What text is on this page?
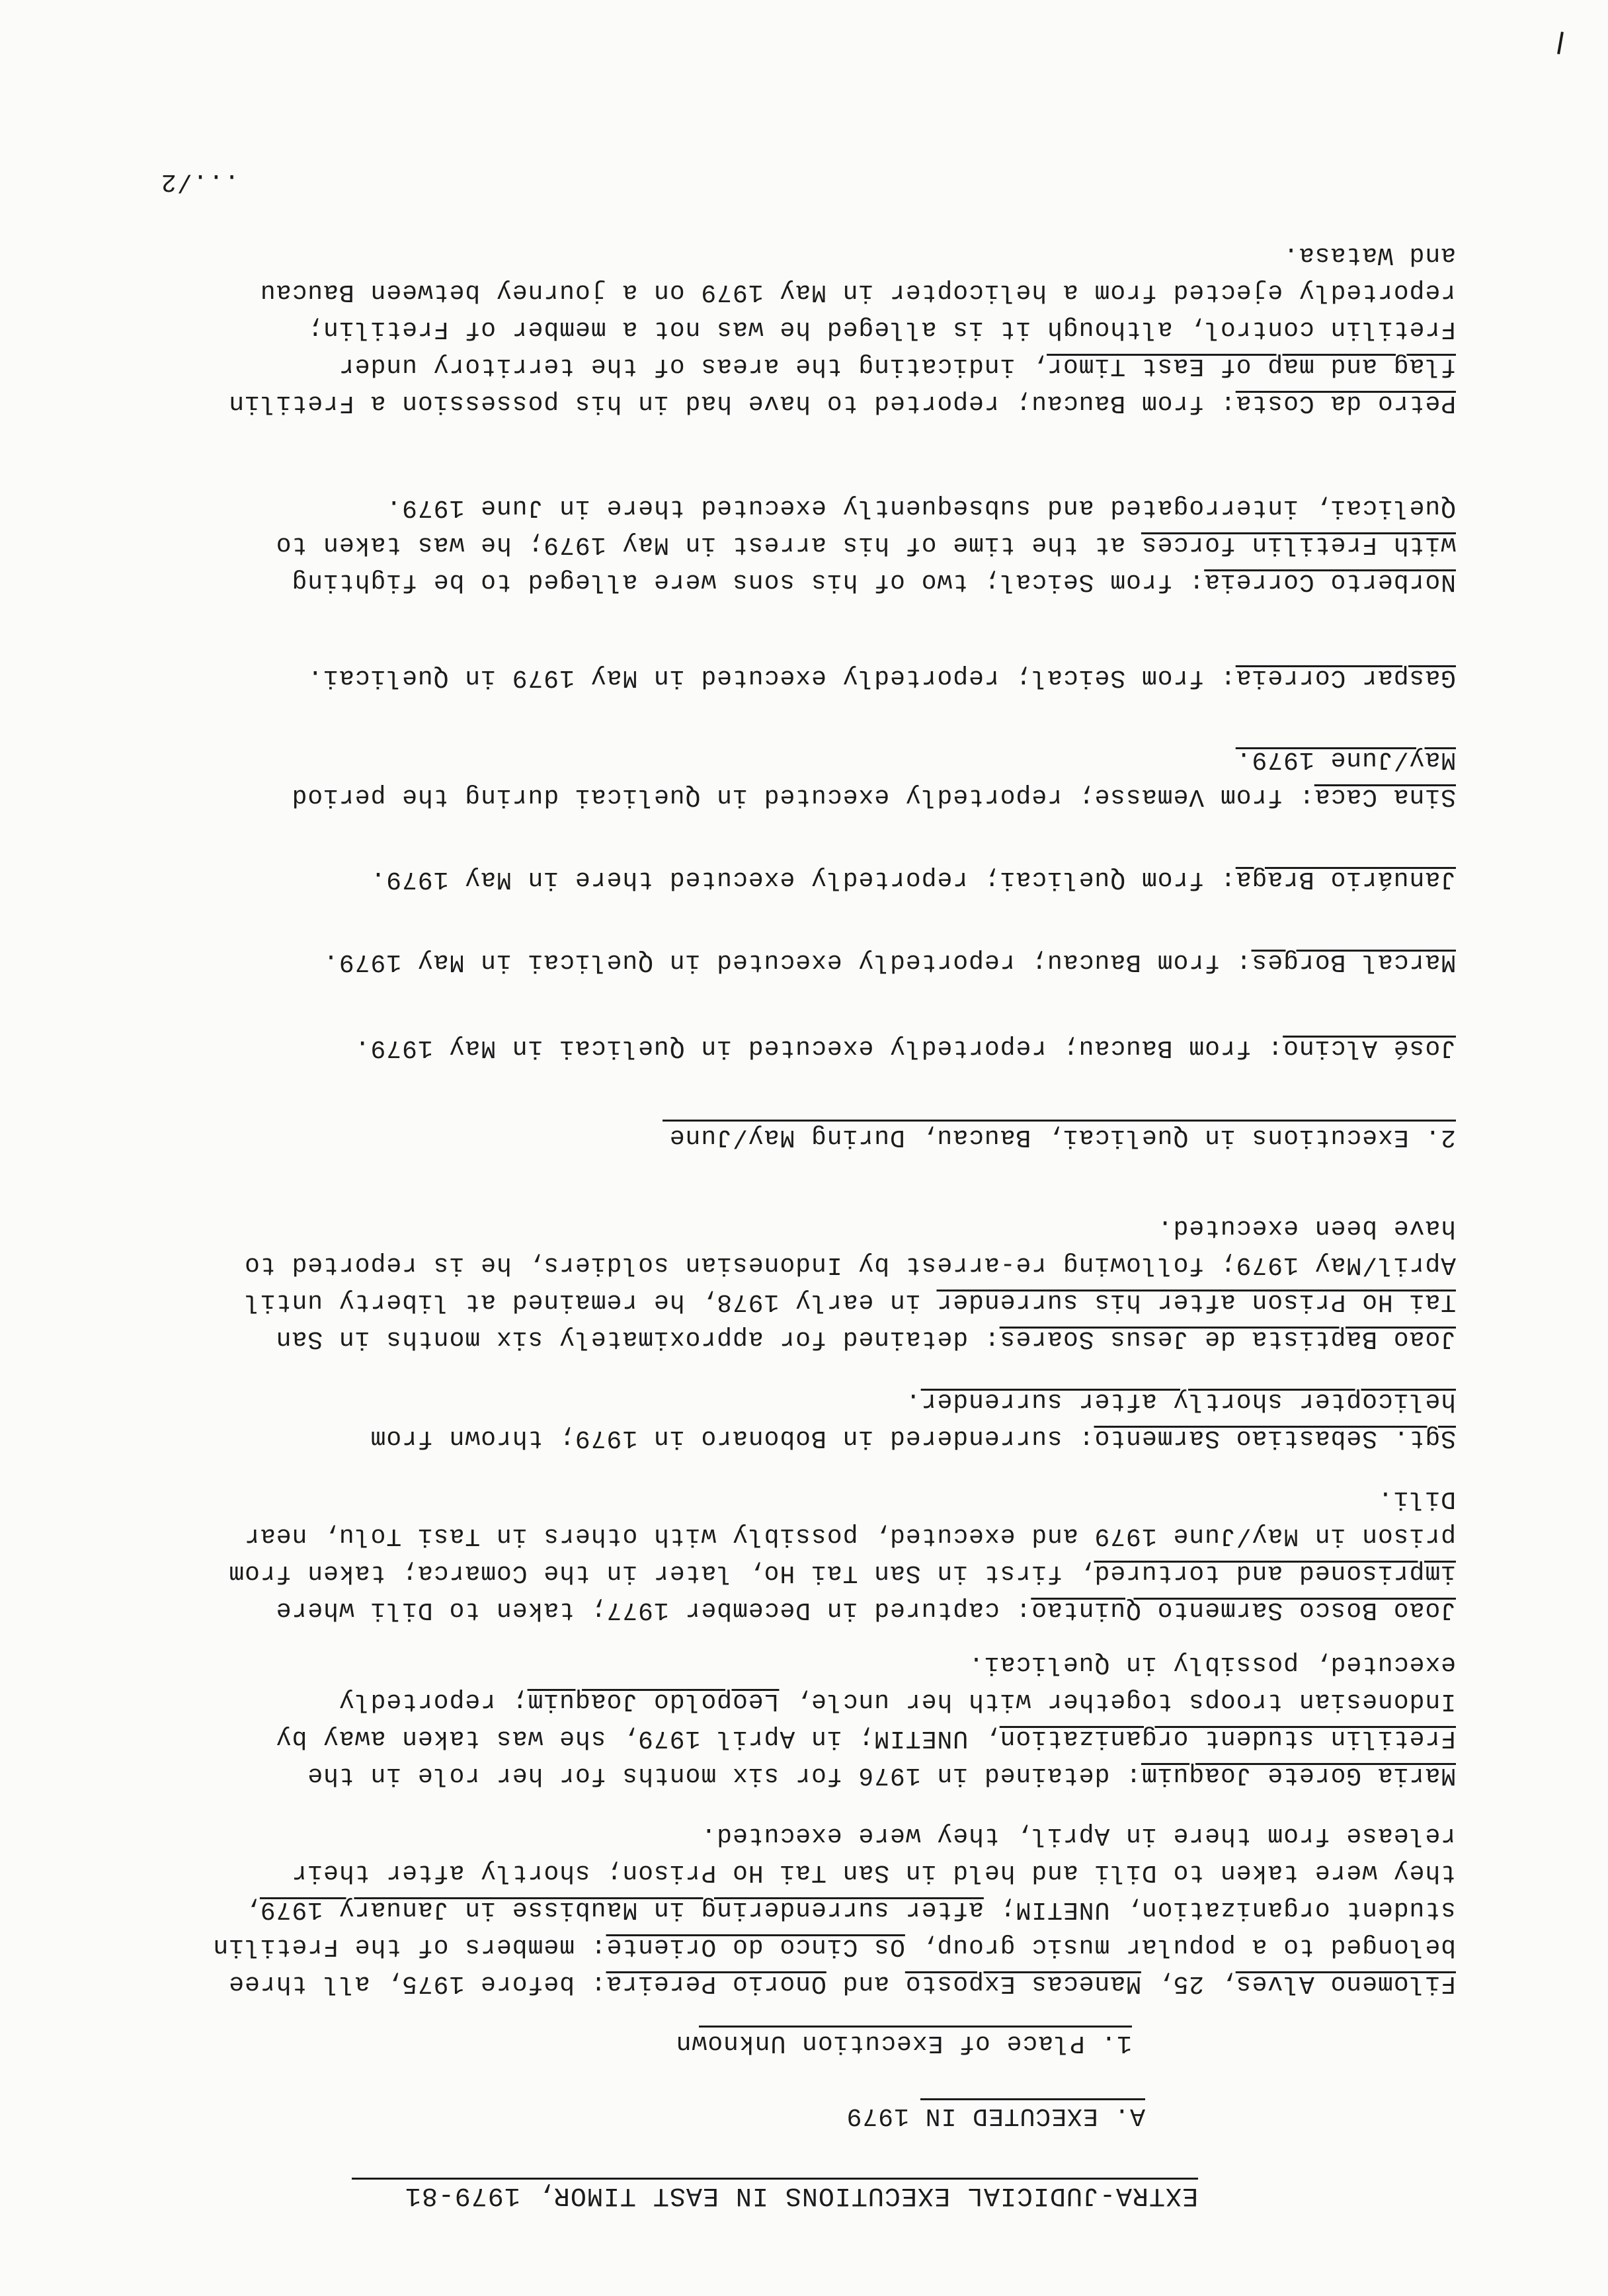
EXTRA-JUDICIAL EXECUTIONS IN EAST TIMOR, 1979-81
A. EXECUTED IN 1979
1. Place of Execution Unknown
Filomeno Alves, 25, Manecas Exposto and Onorio Pereira: before 1975, all three
belonged to a popular music group, Os Cinco do Oriente: members of the Fretilin
student organization, UNETIM; after surrendering in Maubisse in January 1979,
they were taken to Dili and held in San Tai Ho Prison; shortly after their
release from there in April, they were executed.
Maria Gorete Joaquim: detained in 1976 for six months for her role in the
Fretilin student organization, UNETIM; in April 1979, she was taken away by
Indonesian troops together with her uncle, Leopoldo Joaquim; reportedly
executed, possibly in Quelicai.
Joao Bosco Sarmento Quintao: captured in December 1977; taken to Dili where
imprisoned and tortured, first in San Tai Ho, later in the Comarca; taken from
prison in May/June 1979 and executed, possibly with others in Tasi Tolu, near
Dili.
Sgt. Sebastiao Sarmento: surrendered in Bobonaro in 1979; thrown from
helicopter shortly after surrender.
Joao Baptista de Jesus Soares: detained for approximately six months in San
Tai Ho Prison after his surrender in early 1978, he remained at liberty until
April/May 1979; following re-arrest by Indonesian soldiers, he is reported to
have been executed.
2. Executions in Quelicai, Baucau, During May/June
José Alcino: from Baucau; reportedly executed in Quelicai in May 1979.
Marcal Borges: from Baucau; reportedly executed in Quelicai in May 1979.
Januário Braga: from Quelicai; reportedly executed there in May 1979.
Sina Caca: from Vemasse; reportedly executed in Quelicai during the period
May/June 1979.
Gaspar Correia: from Seical; reportedly executed in May 1979 in Quelicai.
Norberto Correia: from Seical; two of his sons were alleged to be fighting
with Fretilin forces at the time of his arrest in May 1979; he was taken to
Quelicai, interrogated and subsequently executed there in June 1979.
Petro da Costa: from Baucau; reported to have had in his possession a Fretilin
flag and map of East Timor, indicating the areas of the territory under
Fretilin control, although it is alleged he was not a member of Fretilin;
reportedly ejected from a helicopter in May 1979 on a journey between Baucau
and Watasa.
.../2
